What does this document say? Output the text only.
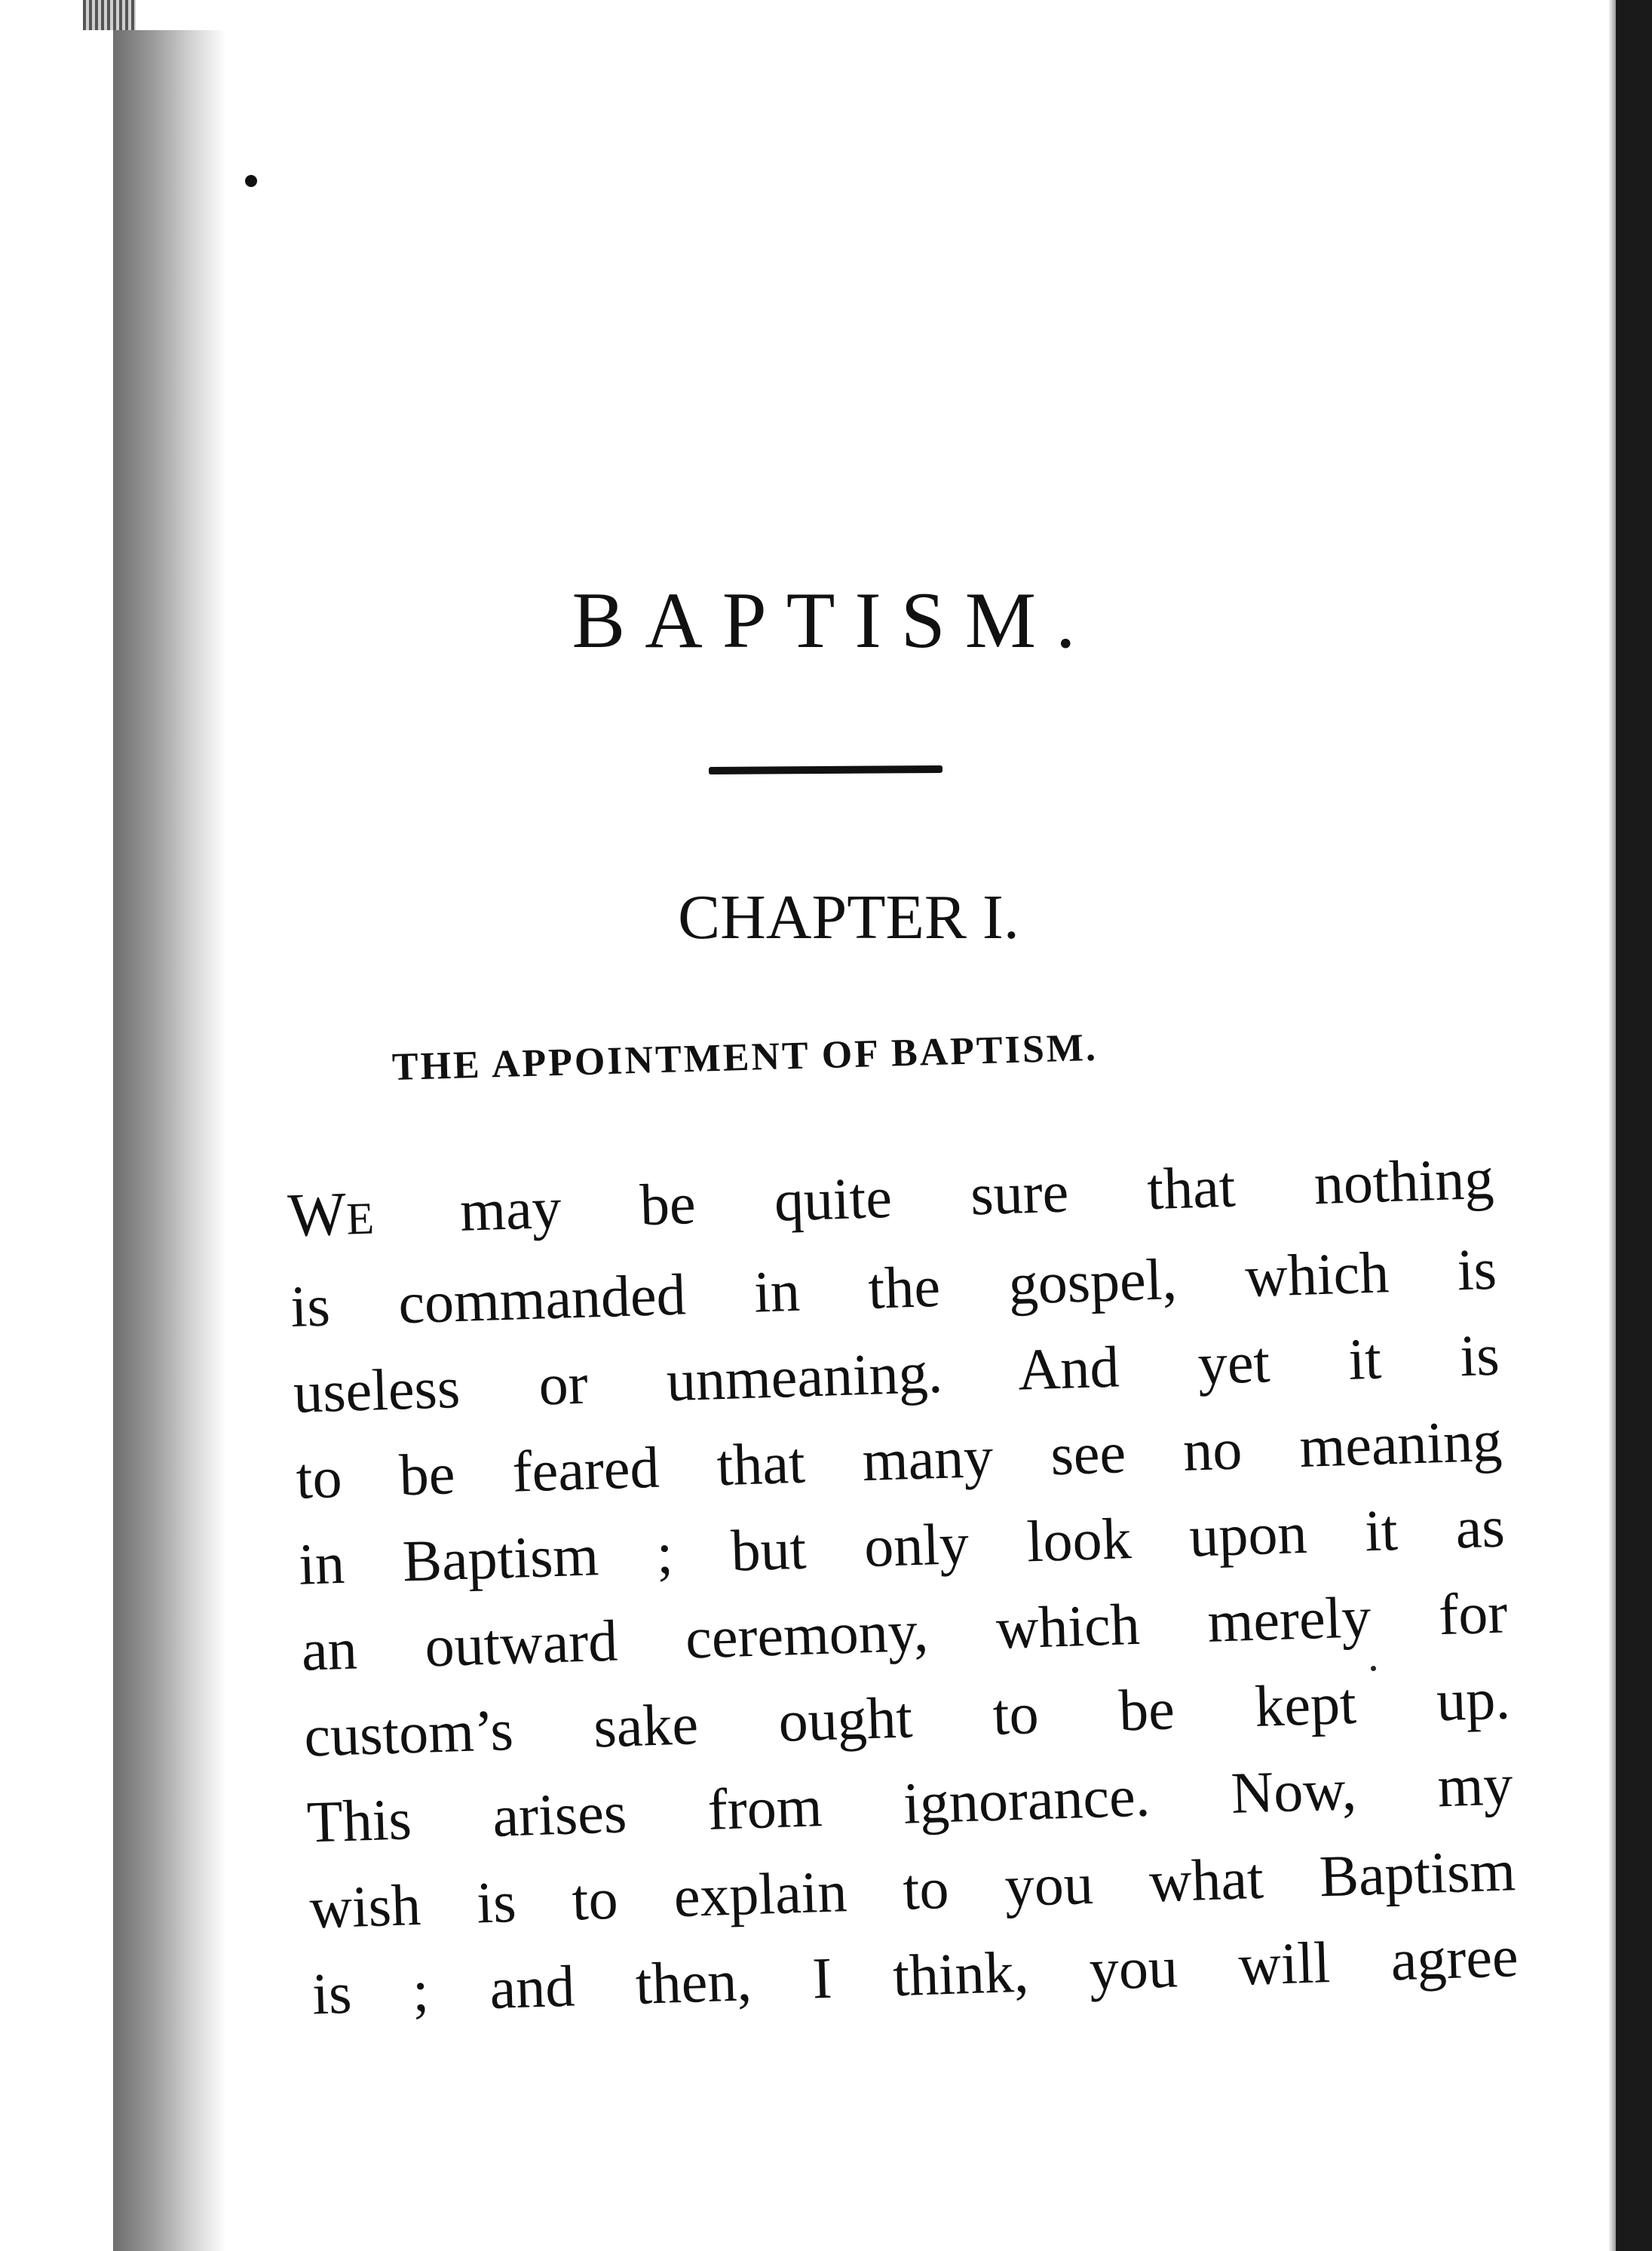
BAPTISM.
CHAPTER I.
THE APPOINTMENT OF BAPTISM.
WE may be quite sure that nothing
is commanded in the gospel, which is
useless or unmeaning. And yet it is
to be feared that many see no meaning
in Baptism ; but only look upon it as
an outward ceremony, which merely for
custom’s sake ought to be kept up.
This arises from ignorance. Now, my
wish is to explain to you what Baptism
is ; and then, I think, you will agree
